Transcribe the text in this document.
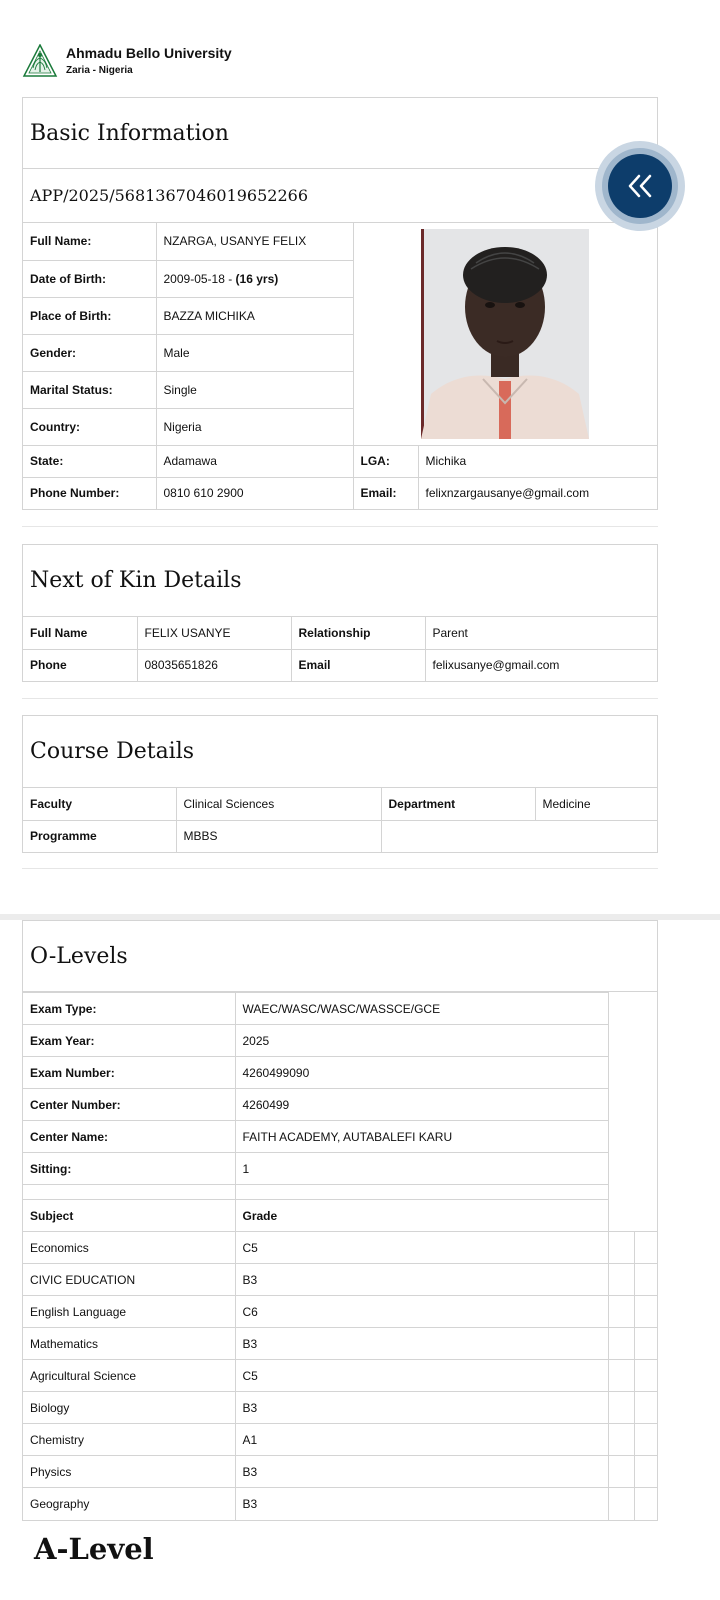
Ahmadu Bello University
Zaria - Nigeria
Basic Information
APP/2025/5681367046019652266
Full Name:	NZARGA, USANYE FELIX	

Date of Birth:	2009-05-18 - (16 yrs)		
Place of Birth:	BAZZA MICHIKA		
Gender:	Male		
Marital Status:	Single		
Country:	Nigeria		
State:	Adamawa	LGA:	Michika
Phone Number:	0810 610 2900	Email:	felixnzargausanye@gmail.com
Next of Kin Details
Full Name	FELIX USANYE	Relationship	Parent
Phone	08035651826	Email	felixusanye@gmail.com
Course Details
Faculty	Clinical Sciences	Department	Medicine
Programme	MBBS		
O-Levels
Exam Type:	WAEC/WASC/WASC/WASSCE/GCE		
Exam Year:	2025		
Exam Number:	4260499090		
Center Number:	4260499		
Center Name:	FAITH ACADEMY, AUTABALEFI KARU		
Sitting:	1		

Subject	Grade		
Economics	C5		
CIVIC EDUCATION	B3		
English Language	C6		
Mathematics	B3		
Agricultural Science	C5		
Biology	B3		
Chemistry	A1		
Physics	B3		
Geography	B3		
A-Level
